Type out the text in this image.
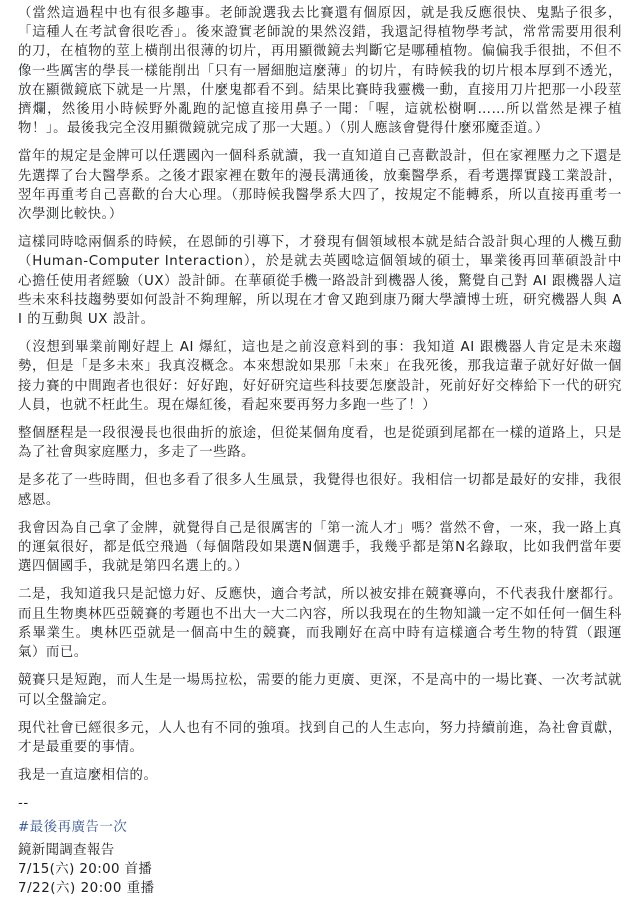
（當然這過程中也有很多趣事。老師說選我去比賽還有個原因，就是我反應很快、鬼點子很多，「這種人在考試會很吃香」。後來證實老師說的果然沒錯，我還記得植物學考試，常常需要用很利的刀，在植物的莖上橫削出很薄的切片，再用顯微鏡去判斷它是哪種植物。偏偏我手很拙，不但不像一些厲害的學長一樣能削出「只有一層細胞這麼薄」的切片，有時候我的切片根本厚到不透光，放在顯微鏡底下就是一片黑，什麼鬼都看不到。結果比賽時我靈機一動，直接用刀片把那一小段莖擠爛，然後用小時候野外亂跑的記憶直接用鼻子一聞：「喔，這就松樹啊……所以當然是裸子植物！」。最後我完全沒用顯微鏡就完成了那一大題。）（別人應該會覺得什麼邪魔歪道。）

當年的規定是金牌可以任選國內一個科系就讀，我一直知道自己喜歡設計，但在家裡壓力之下還是先選擇了台大醫學系。之後才跟家裡在數年的漫長溝通後，放棄醫學系，看考選擇實踐工業設計，翌年再重考自己喜歡的台大心理。（那時候我醫學系大四了，按規定不能轉系，所以直接再重考一次學測比較快。）

這樣同時唸兩個系的時候，在恩師的引導下，才發現有個領域根本就是結合設計與心理的人機互動（Human-Computer Interaction），於是就去英國唸這個領域的碩士，畢業後再回華碩設計中心擔任使用者經驗（UX）設計師。在華碩從手機一路設計到機器人後，驚覺自己對 AI 跟機器人這些未來科技趨勢要如何設計不夠理解，所以現在才會又跑到康乃爾大學讀博士班，研究機器人與 AI 的互動與 UX 設計。

（沒想到畢業前剛好趕上 AI 爆紅，這也是之前沒意料到的事：我知道 AI 跟機器人肯定是未來趨勢，但是「是多未來」我真沒概念。本來想說如果那「未來」在我死後，那我這輩子就好好做一個接力賽的中間跑者也很好：好好跑，好好研究這些科技要怎麼設計，死前好好交棒給下一代的研究人員，也就不枉此生。現在爆紅後，看起來要再努力多跑一些了！）

整個歷程是一段很漫長也很曲折的旅途，但從某個角度看，也是從頭到尾都在一樣的道路上，只是為了社會與家庭壓力，多走了一些路。

是多花了一些時間，但也多看了很多人生風景，我覺得也很好。我相信一切都是最好的安排，我很感恩。

我會因為自己拿了金牌，就覺得自己是很厲害的「第一流人才」嗎？當然不會，一來，我一路上真的運氣很好，都是低空飛過（每個階段如果選N個選手，我幾乎都是第N名錄取，比如我們當年要選四個國手，我就是第四名選上的。）

二是，我知道我只是記憶力好、反應快，適合考試，所以被安排在競賽導向，不代表我什麼都行。而且生物奧林匹亞競賽的考題也不出大一大二內容，所以我現在的生物知識一定不如任何一個生科系畢業生。奧林匹亞就是一個高中生的競賽，而我剛好在高中時有這樣適合考生物的特質（跟運氣）而已。

競賽只是短跑，而人生是一場馬拉松，需要的能力更廣、更深，不是高中的一場比賽、一次考試就可以全盤論定。

現代社會已經很多元，人人也有不同的強項。找到自己的人生志向，努力持續前進，為社會貢獻，才是最重要的事情。

我是一直這麼相信的。

--
#最後再廣告一次
鏡新聞調查報告
7/15(六) 20:00 首播
7/22(六) 20:00 重播
